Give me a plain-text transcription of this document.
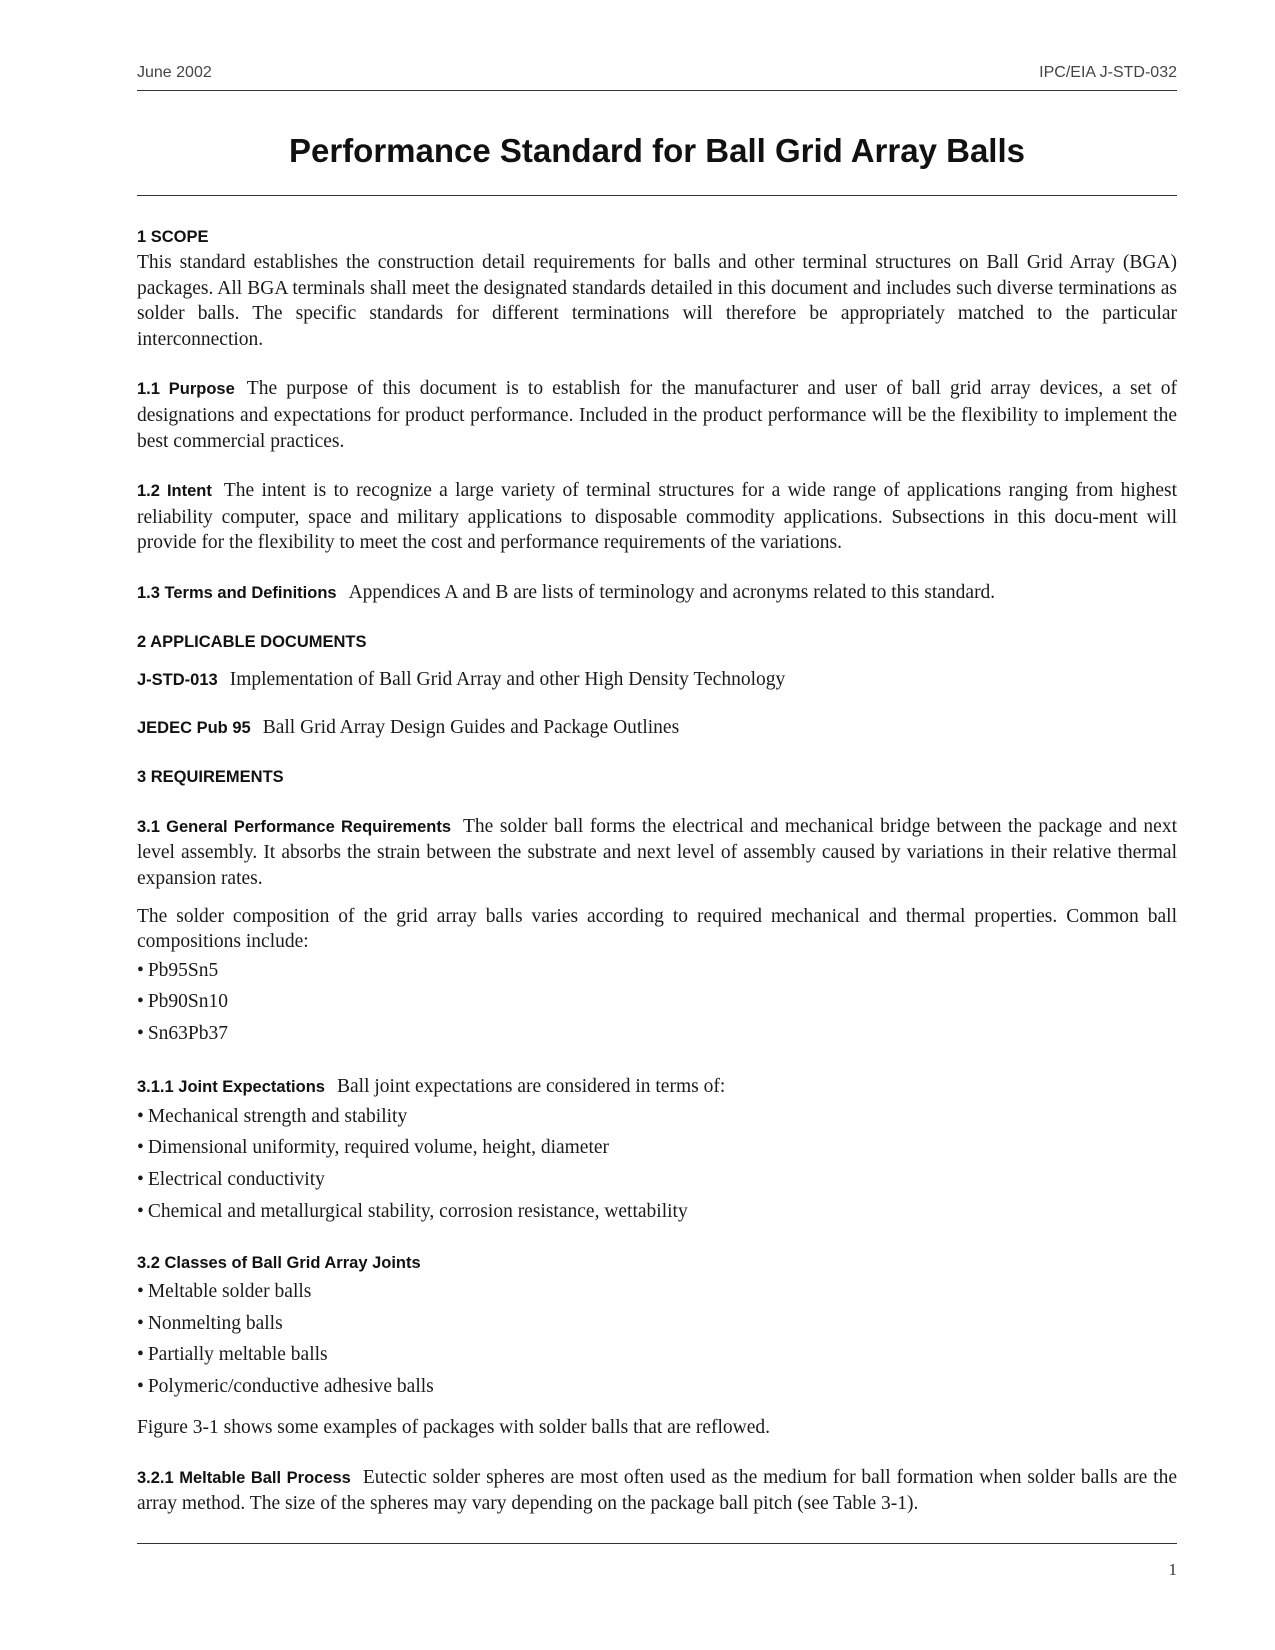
June 2002	IPC/EIA J-STD-032
Performance Standard for Ball Grid Array Balls
1 SCOPE

This standard establishes the construction detail requirements for balls and other terminal structures on Ball Grid Array (BGA) packages. All BGA terminals shall meet the designated standards detailed in this document and includes such diverse terminations as solder balls. The specific standards for different terminations will therefore be appropriately matched to the particular interconnection.

1.1 Purpose The purpose of this document is to establish for the manufacturer and user of ball grid array devices, a set of designations and expectations for product performance. Included in the product performance will be the flexibility to implement the best commercial practices.

1.2 Intent The intent is to recognize a large variety of terminal structures for a wide range of applications ranging from highest reliability computer, space and military applications to disposable commodity applications. Subsections in this docu-ment will provide for the flexibility to meet the cost and performance requirements of the variations.

1.3 Terms and Definitions Appendices A and B are lists of terminology and acronyms related to this standard.

2 APPLICABLE DOCUMENTS

J-STD-013 Implementation of Ball Grid Array and other High Density Technology

JEDEC Pub 95 Ball Grid Array Design Guides and Package Outlines

3 REQUIREMENTS

3.1 General Performance Requirements The solder ball forms the electrical and mechanical bridge between the package and next level assembly. It absorbs the strain between the substrate and next level of assembly caused by variations in their relative thermal expansion rates.

The solder composition of the grid array balls varies according to required mechanical and thermal properties. Common ball compositions include:

• Pb95Sn5
• Pb90Sn10
• Sn63Pb37

3.1.1 Joint Expectations Ball joint expectations are considered in terms of:

• Mechanical strength and stability
• Dimensional uniformity, required volume, height, diameter
• Electrical conductivity
• Chemical and metallurgical stability, corrosion resistance, wettability
3.2 Classes of Ball Grid Array Joints
• Meltable solder balls
• Nonmelting balls
• Partially meltable balls
• Polymeric/conductive adhesive balls

Figure 3-1 shows some examples of packages with solder balls that are reflowed.

3.2.1 Meltable Ball Process Eutectic solder spheres are most often used as the medium for ball formation when solder balls are the array method. The size of the spheres may vary depending on the package ball pitch (see Table 3-1).

1
